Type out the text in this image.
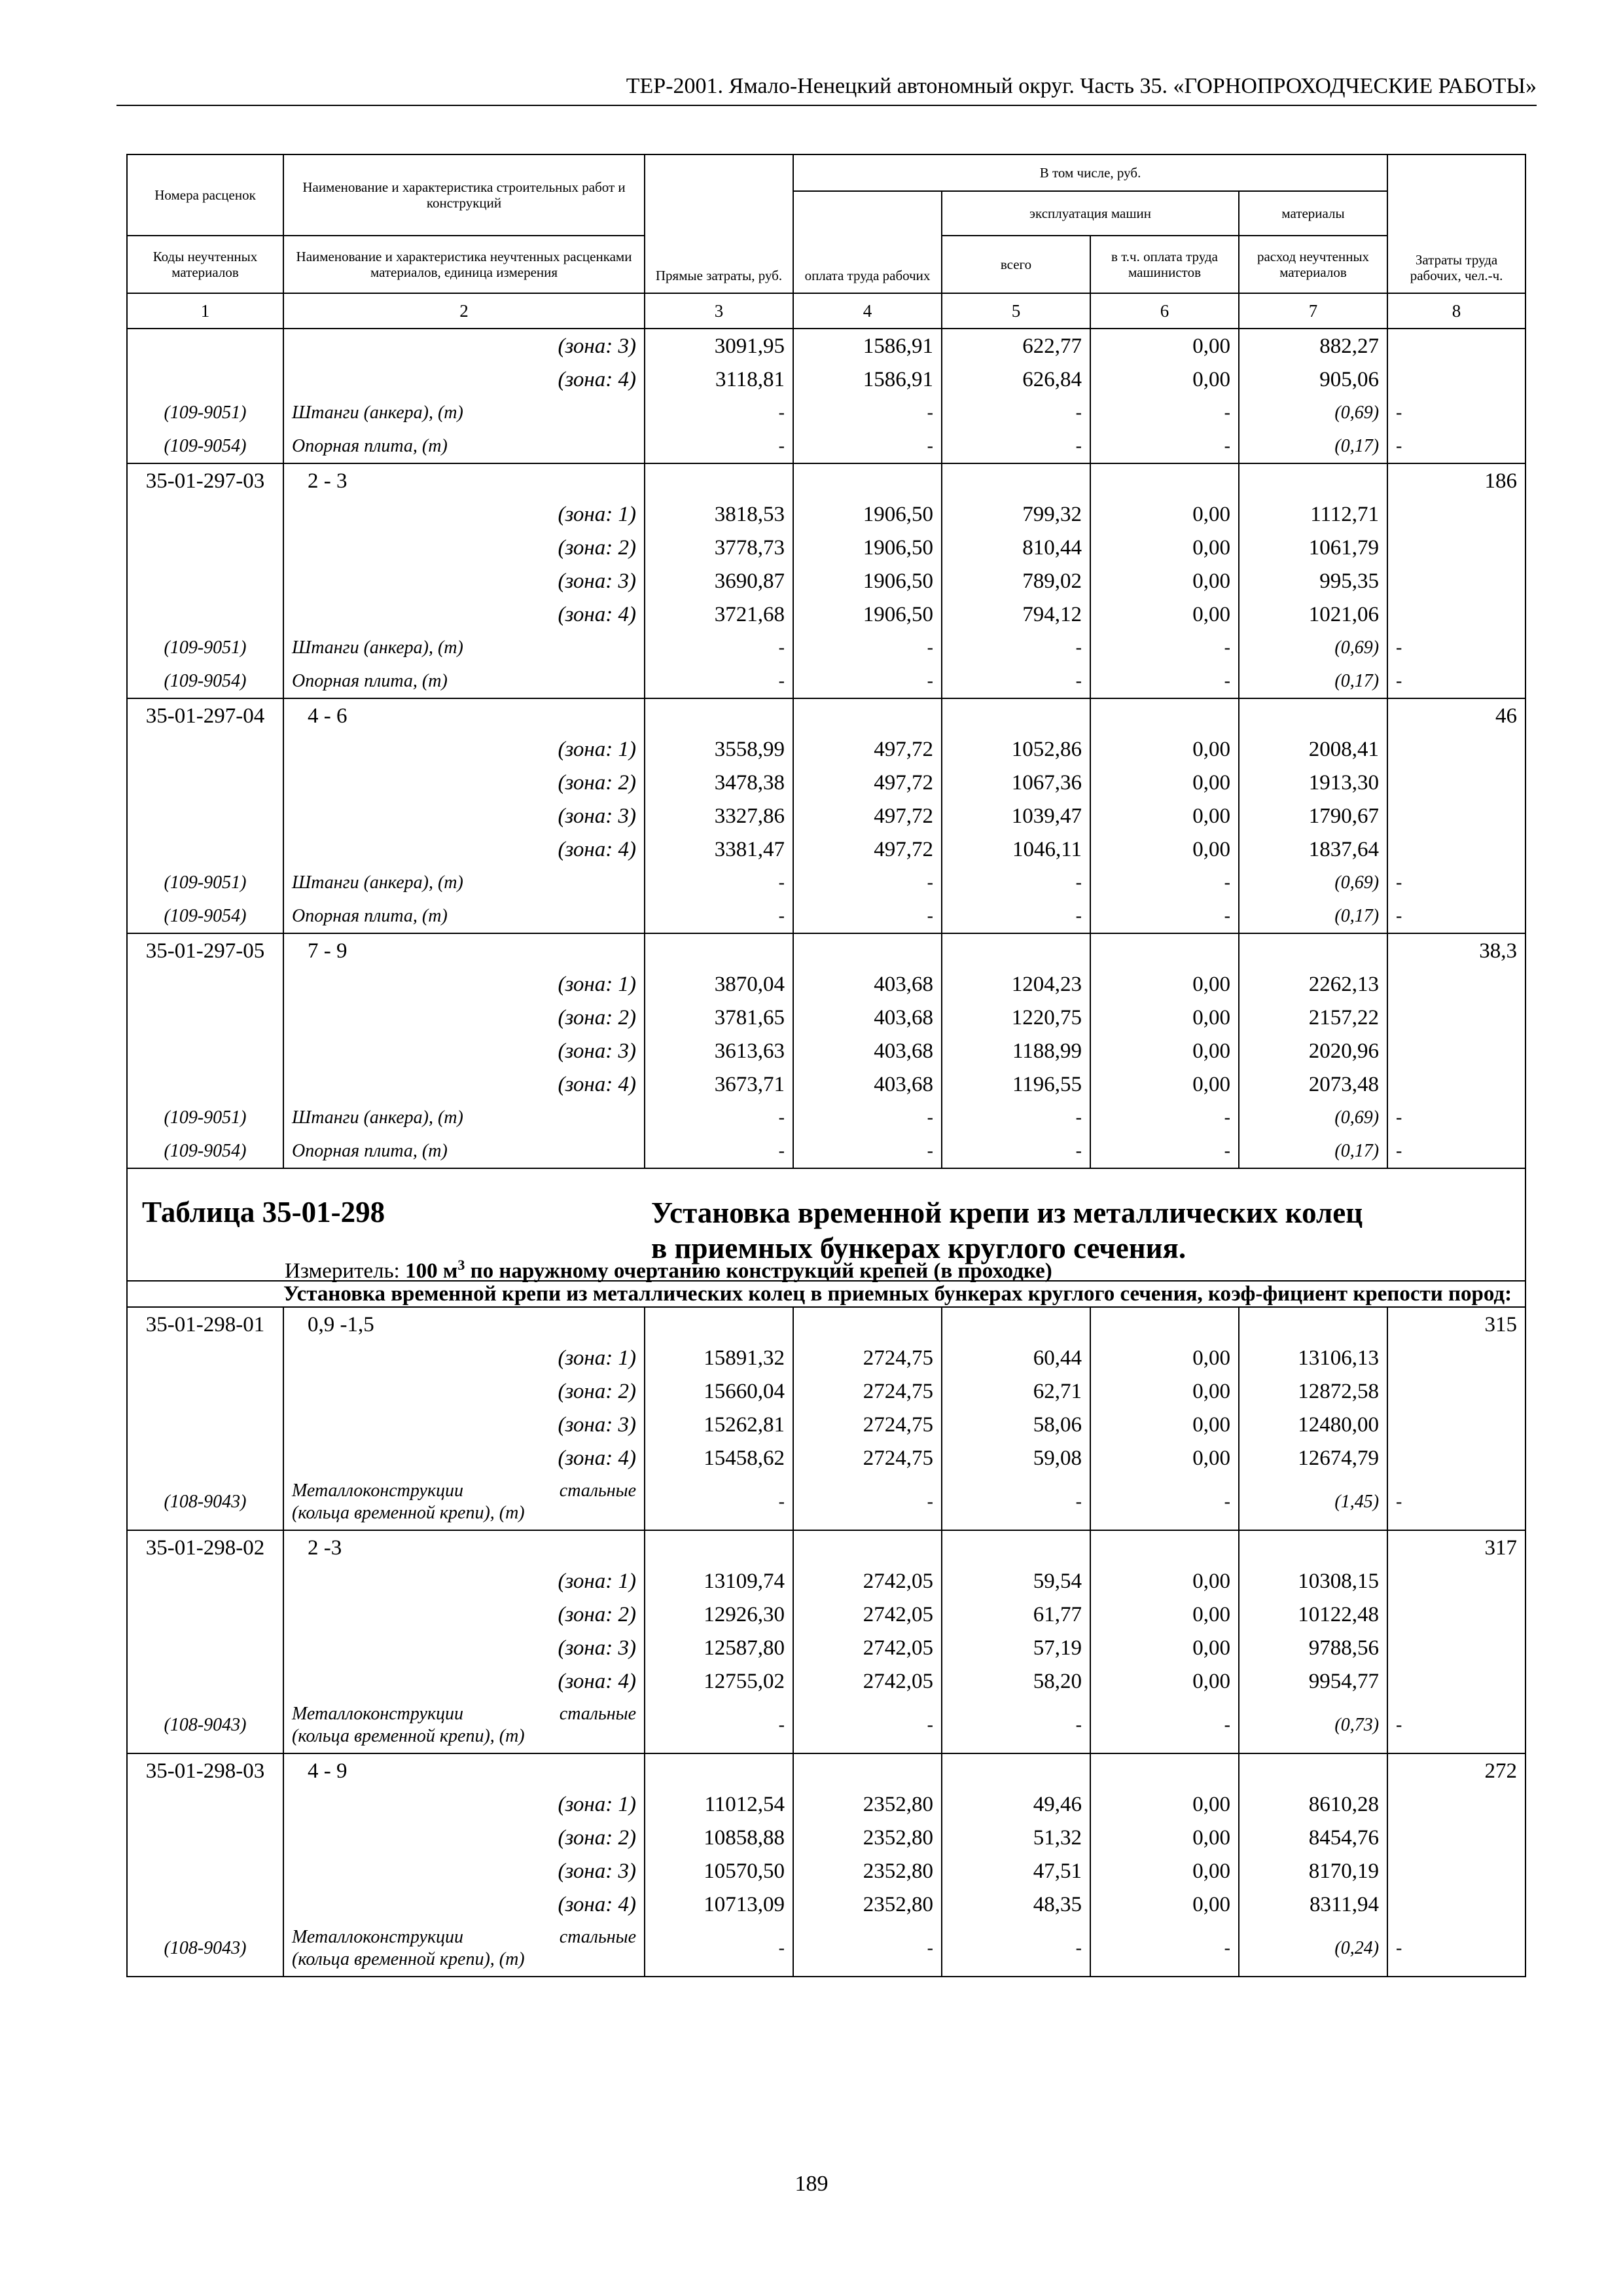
ТЕР-2001. Ямало-Ненецкий автономный округ. Часть 35. «ГОРНОПРОХОДЧЕСКИЕ РАБОТЫ»
Номера расценок	Наименование и характеристика строительных работ и конструкций	Прямые затраты, руб.	В том числе, руб.				Затраты труда рабочих, чел.-ч.
			оплата труда рабочих	эксплуатация машин		материалы	
Коды неучтенных материалов	Наименование и характеристика неучтенных расценками материалов, единица измерения			всего	в т.ч. оплата труда машинистов	расход неучтенных материалов	
1	2	3	4	5	6	7	8
	(зона: 3)	3091,95	1586,91	622,77	0,00	882,27	
	(зона: 4)	3118,81	1586,91	626,84	0,00	905,06	
(109-9051)	Штанги (анкера), (т)	-	-	-	-	(0,69)	-
(109-9054)	Опорная плита, (т)	-	-	-	-	(0,17)	-
35-01-297-03	2 - 3						186
	(зона: 1)	3818,53	1906,50	799,32	0,00	1112,71	
	(зона: 2)	3778,73	1906,50	810,44	0,00	1061,79	
	(зона: 3)	3690,87	1906,50	789,02	0,00	995,35	
	(зона: 4)	3721,68	1906,50	794,12	0,00	1021,06	
(109-9051)	Штанги (анкера), (т)	-	-	-	-	(0,69)	-
(109-9054)	Опорная плита, (т)	-	-	-	-	(0,17)	-
35-01-297-04	4 - 6						46
	(зона: 1)	3558,99	497,72	1052,86	0,00	2008,41	
	(зона: 2)	3478,38	497,72	1067,36	0,00	1913,30	
	(зона: 3)	3327,86	497,72	1039,47	0,00	1790,67	
	(зона: 4)	3381,47	497,72	1046,11	0,00	1837,64	
(109-9051)	Штанги (анкера), (т)	-	-	-	-	(0,69)	-
(109-9054)	Опорная плита, (т)	-	-	-	-	(0,17)	-
35-01-297-05	7 - 9						38,3
	(зона: 1)	3870,04	403,68	1204,23	0,00	2262,13	
	(зона: 2)	3781,65	403,68	1220,75	0,00	2157,22	
	(зона: 3)	3613,63	403,68	1188,99	0,00	2020,96	
	(зона: 4)	3673,71	403,68	1196,55	0,00	2073,48	
(109-9051)	Штанги (анкера), (т)	-	-	-	-	(0,69)	-
(109-9054)	Опорная плита, (т)	-	-	-	-	(0,17)	-

Таблица 35-01-298 Установка временной крепи из металлических колец
в приемных бункерах круглого сечения.
Измеритель: 100 $м^3$ по наружному очертанию конструкций крепей (в проходке)							

	Установка временной крепи из металлических колец в приемных бункерах круглого сечения, коэф-фициент крепости пород:						
35-01-298-01	0,9 -1,5						315
	(зона: 1)	15891,32	2724,75	60,44	0,00	13106,13	
	(зона: 2)	15660,04	2724,75	62,71	0,00	12872,58	
	(зона: 3)	15262,81	2724,75	58,06	0,00	12480,00	
	(зона: 4)	15458,62	2724,75	59,08	0,00	12674,79	
(108-9043)	Металлоконструкции стальные
(кольца временной крепи), (т)	-	-	-	-	(1,45)	-
35-01-298-02	2 -3						317
	(зона: 1)	13109,74	2742,05	59,54	0,00	10308,15	
	(зона: 2)	12926,30	2742,05	61,77	0,00	10122,48	
	(зона: 3)	12587,80	2742,05	57,19	0,00	9788,56	
	(зона: 4)	12755,02	2742,05	58,20	0,00	9954,77	
(108-9043)	Металлоконструкции стальные
(кольца временной крепи), (т)	-	-	-	-	(0,73)	-
35-01-298-03	4 - 9						272
	(зона: 1)	11012,54	2352,80	49,46	0,00	8610,28	
	(зона: 2)	10858,88	2352,80	51,32	0,00	8454,76	
	(зона: 3)	10570,50	2352,80	47,51	0,00	8170,19	
	(зона: 4)	10713,09	2352,80	48,35	0,00	8311,94	
(108-9043)	Металлоконструкции стальные
(кольца временной крепи), (т)	-	-	-	-	(0,24)	-
189
